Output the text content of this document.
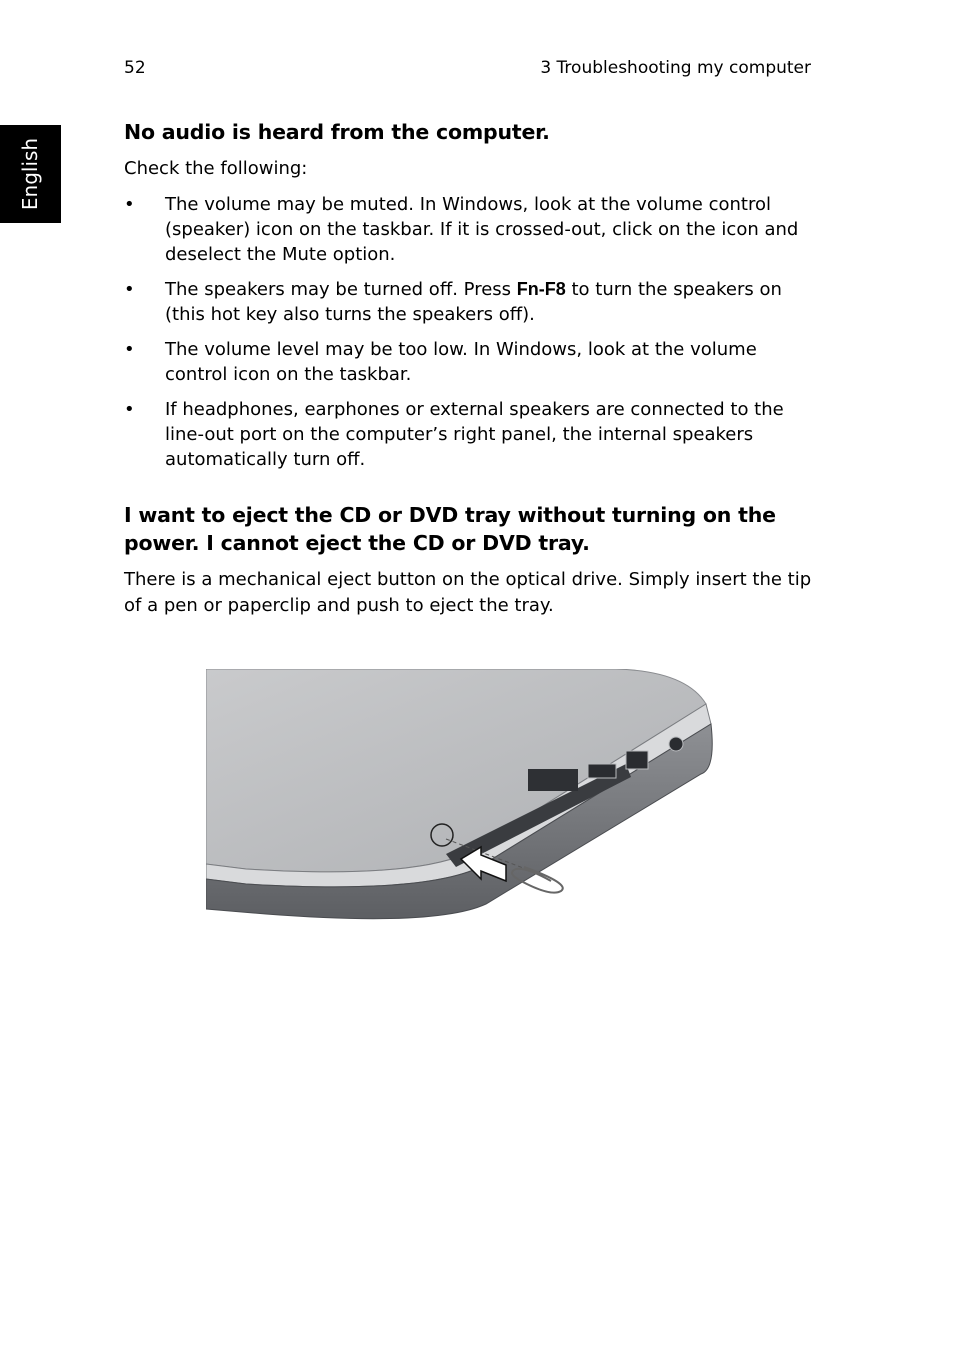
52	3 Troubleshooting my computer
English
No audio is heard from the computer.

Check the following:

• The volume may be muted. In Windows, look at the volume control (speaker) icon on the taskbar. If it is crossed-out, click on the icon and deselect the Mute option.
• The speakers may be turned off. Press Fn-F8 to turn the speakers on (this hot key also turns the speakers off).
• The volume level may be too low. In Windows, look at the volume control icon on the taskbar.
• If headphones, earphones or external speakers are connected to the line-out port on the computer’s right panel, the internal speakers automatically turn off.
I want to eject the CD or DVD tray without turning on the power. I cannot eject the CD or DVD tray.

There is a mechanical eject button on the optical drive. Simply insert the tip of a pen or paperclip and push to eject the tray.
